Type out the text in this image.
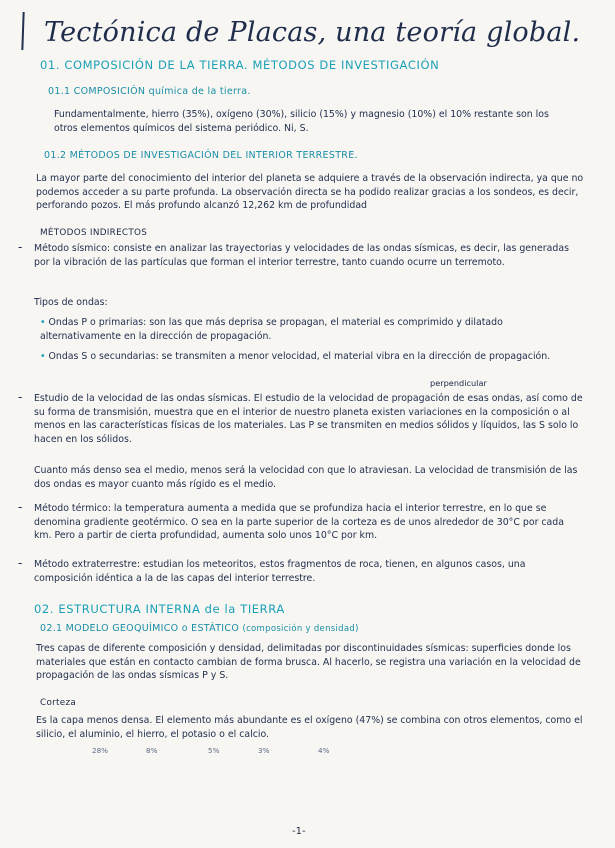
Tectónica de Placas, una teoría global.
01. COMPOSICIÓN DE LA TIERRA. MÉTODOS DE INVESTIGACIÓN
01.1 COMPOSICIÓN química de la tierra.

Fundamentalmente, hierro (35%), oxígeno (30%), silicio (15%) y magnesio (10%) el 10% restante son los otros elementos químicos del sistema periódico. Ni, S.

01.2 MÉTODOS DE INVESTIGACIÓN DEL INTERIOR TERRESTRE.

La mayor parte del conocimiento del interior del planeta se adquiere a través de la observación indirecta, ya que no podemos acceder a su parte profunda. La observación directa se ha podido realizar gracias a los sondeos, es decir, perforando pozos. El más profundo alcanzó 12,262 km de profundidad

MÉTODOS INDIRECTOS
- Método sísmico: consiste en analizar las trayectorias y velocidades de las ondas sísmicas, es decir, las generadas por la vibración de las partículas que forman el interior terrestre, tanto cuando ocurre un terremoto.

Tipos de ondas:

• Ondas P o primarias: son las que más deprisa se propagan, el material es comprimido y dilatado alternativamente en la dirección de propagación.

• Ondas S o secundarias: se transmiten a menor velocidad, el material vibra en la dirección de propagación.

perpendicular
- Estudio de la velocidad de las ondas sísmicas. El estudio de la velocidad de propagación de esas ondas, así como de su forma de transmisión, muestra que en el interior de nuestro planeta existen variaciones en la composición o al menos en las características físicas de los materiales. Las P se transmiten en medios sólidos y líquidos, las S solo lo hacen en los sólidos.

Cuanto más denso sea el medio, menos será la velocidad con que lo atraviesan. La velocidad de transmisión de las dos ondas es mayor cuanto más rígido es el medio.

- Método térmico: la temperatura aumenta a medida que se profundiza hacia el interior terrestre, en lo que se denomina gradiente geotérmico. O sea en la parte superior de la corteza es de unos alrededor de 30°C por cada km. Pero a partir de cierta profundidad, aumenta solo unos 10°C por km.

- Método extraterrestre: estudian los meteoritos, estos fragmentos de roca, tienen, en algunos casos, una composición idéntica a la de las capas del interior terrestre.

02. ESTRUCTURA INTERNA de la TIERRA
02.1 MODELO GEOQUÍMICO o ESTÁTICO (composición y densidad)

Tres capas de diferente composición y densidad, delimitadas por discontinuidades sísmicas: superficies donde los materiales que están en contacto cambian de forma brusca. Al hacerlo, se registra una variación en la velocidad de propagación de las ondas sísmicas P y S.

Corteza

Es la capa menos densa. El elemento más abundante es el oxígeno (47%) se combina con otros elementos, como el silicio, el aluminio, el hierro, el potasio o el calcio.

28%	8%	5%	3%	4%
-1-
